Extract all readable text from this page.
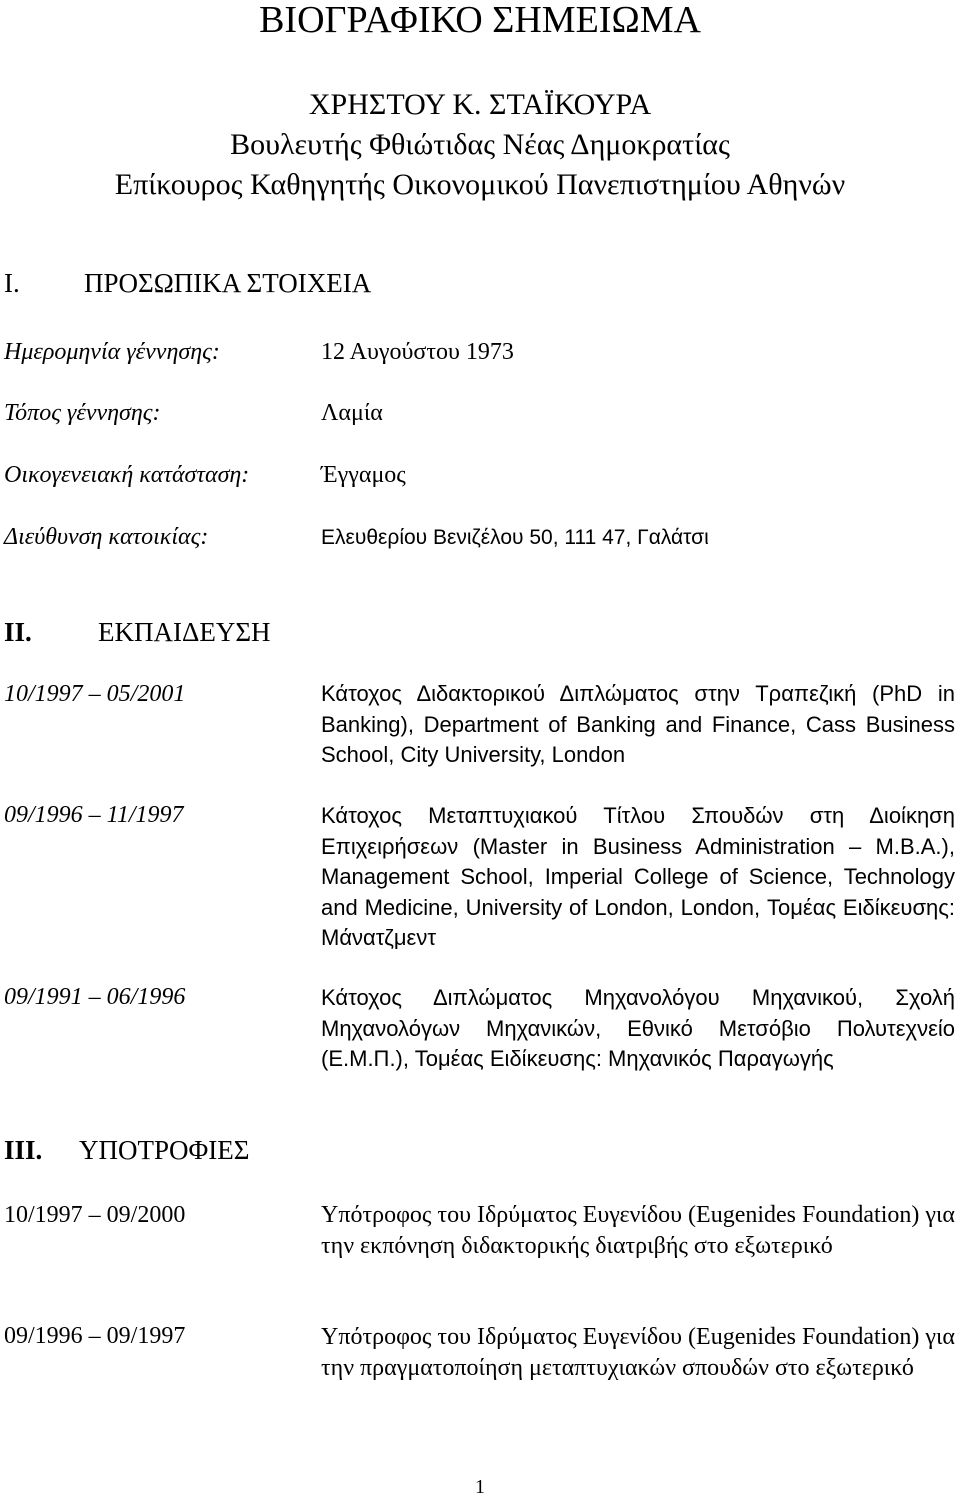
ΒΙΟΓΡΑΦΙΚΟ ΣΗΜΕΙΩΜΑ
ΧΡΗΣΤΟΥ Κ. ΣΤΑΪΚΟΥΡΑ
Βουλευτής Φθιώτιδας Νέας Δημοκρατίας
Επίκουρος Καθηγητής Οικονομικού Πανεπιστημίου Αθηνών
Ι. ΠΡΟΣΩΠΙΚΑ ΣΤΟΙΧΕΙΑ
Ημερομηνία γέννησης:	12 Αυγούστου 1973
Τόπος γέννησης:	Λαμία
Οικογενειακή κατάσταση:	Έγγαμος
Διεύθυνση κατοικίας:	Ελευθερίου Βενιζέλου 50, 111 47, Γαλάτσι
ΙΙ. ΕΚΠΑΙΔΕΥΣΗ
10/1997 – 05/2001	Κάτοχος Διδακτορικού Διπλώματος στην Τραπεζική (PhD in Banking), Department of Banking and Finance, Cass Business School, City University, London
09/1996 – 11/1997	Κάτοχος Μεταπτυχιακού Τίτλου Σπουδών στη Διοίκηση Επιχειρήσεων (Master in Business Administration – M.B.A.), Management School, Imperial College of Science, Technology and Medicine, University of London, London, Τομέας Ειδίκευσης: Μάνατζμεντ
09/1991 – 06/1996	Κάτοχος Διπλώματος Μηχανολόγου Μηχανικού, Σχολή Μηχανολόγων Μηχανικών, Εθνικό Μετσόβιο Πολυτεχνείο (Ε.Μ.Π.), Τομέας Ειδίκευσης: Μηχανικός Παραγωγής
ΙΙΙ. ΥΠΟΤΡΟΦΙΕΣ
10/1997 – 09/2000	Υπότροφος του Ιδρύματος Ευγενίδου (Eugenides Foundation) για την εκπόνηση διδακτορικής διατριβής στο εξωτερικό
09/1996 – 09/1997	Υπότροφος του Ιδρύματος Ευγενίδου (Eugenides Foundation) για την πραγματοποίηση μεταπτυχιακών σπουδών στο εξωτερικό
1
